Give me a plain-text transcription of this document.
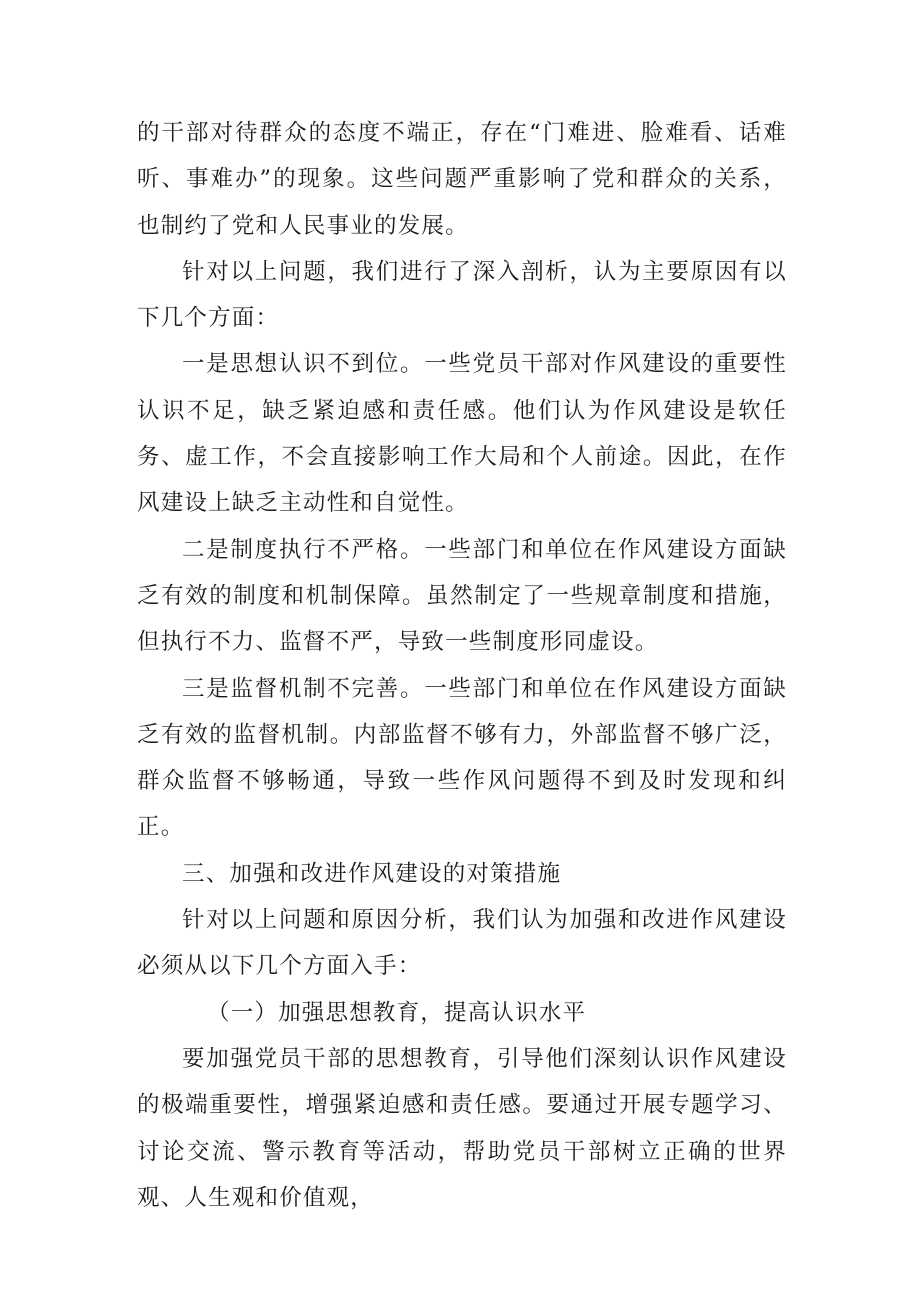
的干部对待群众的态度不端正，存在“门难进、脸难看、话难听、事难办”的现象。这些问题严重影响了党和群众的关系，也制约了党和人民事业的发展。

针对以上问题，我们进行了深入剖析，认为主要原因有以下几个方面：

一是思想认识不到位。一些党员干部对作风建设的重要性认识不足，缺乏紧迫感和责任感。他们认为作风建设是软任务、虚工作，不会直接影响工作大局和个人前途。因此，在作风建设上缺乏主动性和自觉性。

二是制度执行不严格。一些部门和单位在作风建设方面缺乏有效的制度和机制保障。虽然制定了一些规章制度和措施，但执行不力、监督不严，导致一些制度形同虚设。

三是监督机制不完善。一些部门和单位在作风建设方面缺乏有效的监督机制。内部监督不够有力，外部监督不够广泛，群众监督不够畅通，导致一些作风问题得不到及时发现和纠正。

三、加强和改进作风建设的对策措施

针对以上问题和原因分析，我们认为加强和改进作风建设必须从以下几个方面入手：

（一）加强思想教育，提高认识水平

要加强党员干部的思想教育，引导他们深刻认识作风建设的极端重要性，增强紧迫感和责任感。要通过开展专题学习、讨论交流、警示教育等活动，帮助党员干部树立正确的世界观、人生观和价值观，
